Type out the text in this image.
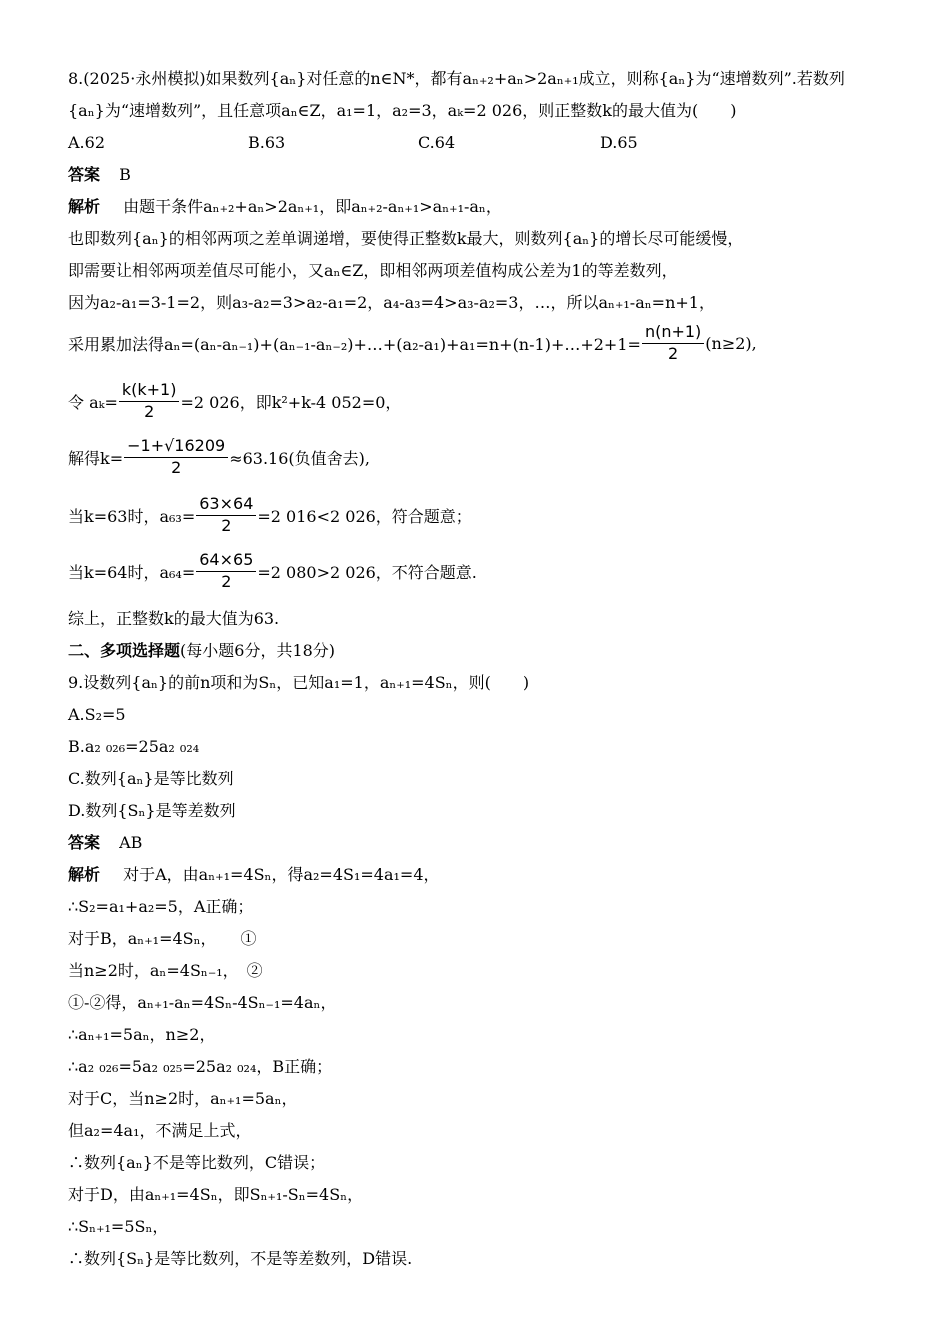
8.(2025·永州模拟)如果数列{aₙ}对任意的n∈N*，都有aₙ₊₂+aₙ>2aₙ₊₁成立，则称{aₙ}为“速增数列”.若数列
{aₙ}为“速增数列”，且任意项aₙ∈Z，a₁=1，a₂=3，aₖ=2 026，则正整数k的最大值为(　　)
A.62	B.63	C.64	D.65
答案 B
解析 由题干条件aₙ₊₂+aₙ>2aₙ₊₁，即aₙ₊₂-aₙ₊₁>aₙ₊₁-aₙ，
也即数列{aₙ}的相邻两项之差单调递增，要使得正整数k最大，则数列{aₙ}的增长尽可能缓慢，
即需要让相邻两项差值尽可能小，又aₙ∈Z，即相邻两项差值构成公差为1的等差数列，
因为a₂-a₁=3-1=2，则a₃-a₂=3>a₂-a₁=2，a₄-a₃=4>a₃-a₂=3，…，所以aₙ₊₁-aₙ=n+1，
采用累加法得aₙ=(aₙ-aₙ₋₁)+(aₙ₋₁-aₙ₋₂)+…+(a₂-a₁)+a₁=n+(n-1)+…+2+1= $\frac{n(n+1)}{2} (n\ge 2)$,
令 $a_k= \frac{k(k+1)}{2} =2$ 026，即k²+k-4 052=0，
解得$k= \frac{-1+√16209}{2} \approx 63.16$(负值舍去),
当k=63时，$a_{63}= \frac{63\times 64}{2} =2$ 016<2 026，符合题意；
当k=64时，$a_{64}= \frac{64\times 65}{2} =2$ 080>2 026，不符合题意.
综上，正整数k的最大值为63.
二、多项选择题(每小题6分，共18分)
9.设数列{aₙ}的前n项和为Sₙ，已知a₁=1，aₙ₊₁=4Sₙ，则(　　)
A.S₂=5
B.a₂ ₀₂₆=25a₂ ₀₂₄
C.数列{aₙ}是等比数列
D.数列{Sₙ}是等差数列
答案 AB
解析 对于A，由aₙ₊₁=4Sₙ，得a₂=4S₁=4a₁=4，
∴S₂=a₁+a₂=5，A正确；
对于B，aₙ₊₁=4Sₙ，　　①
当n≥2时，aₙ=4Sₙ₋₁，　②
①-②得，aₙ₊₁-aₙ=4Sₙ-4Sₙ₋₁=4aₙ，
∴aₙ₊₁=5aₙ，n≥2，
∴a₂ ₀₂₆=5a₂ ₀₂₅=25a₂ ₀₂₄，B正确；
对于C，当n≥2时，aₙ₊₁=5aₙ，
但a₂=4a₁，不满足上式，
∴数列{aₙ}不是等比数列，C错误；
对于D，由aₙ₊₁=4Sₙ，即Sₙ₊₁-Sₙ=4Sₙ，
∴Sₙ₊₁=5Sₙ，
∴数列{Sₙ}是等比数列，不是等差数列，D错误.
